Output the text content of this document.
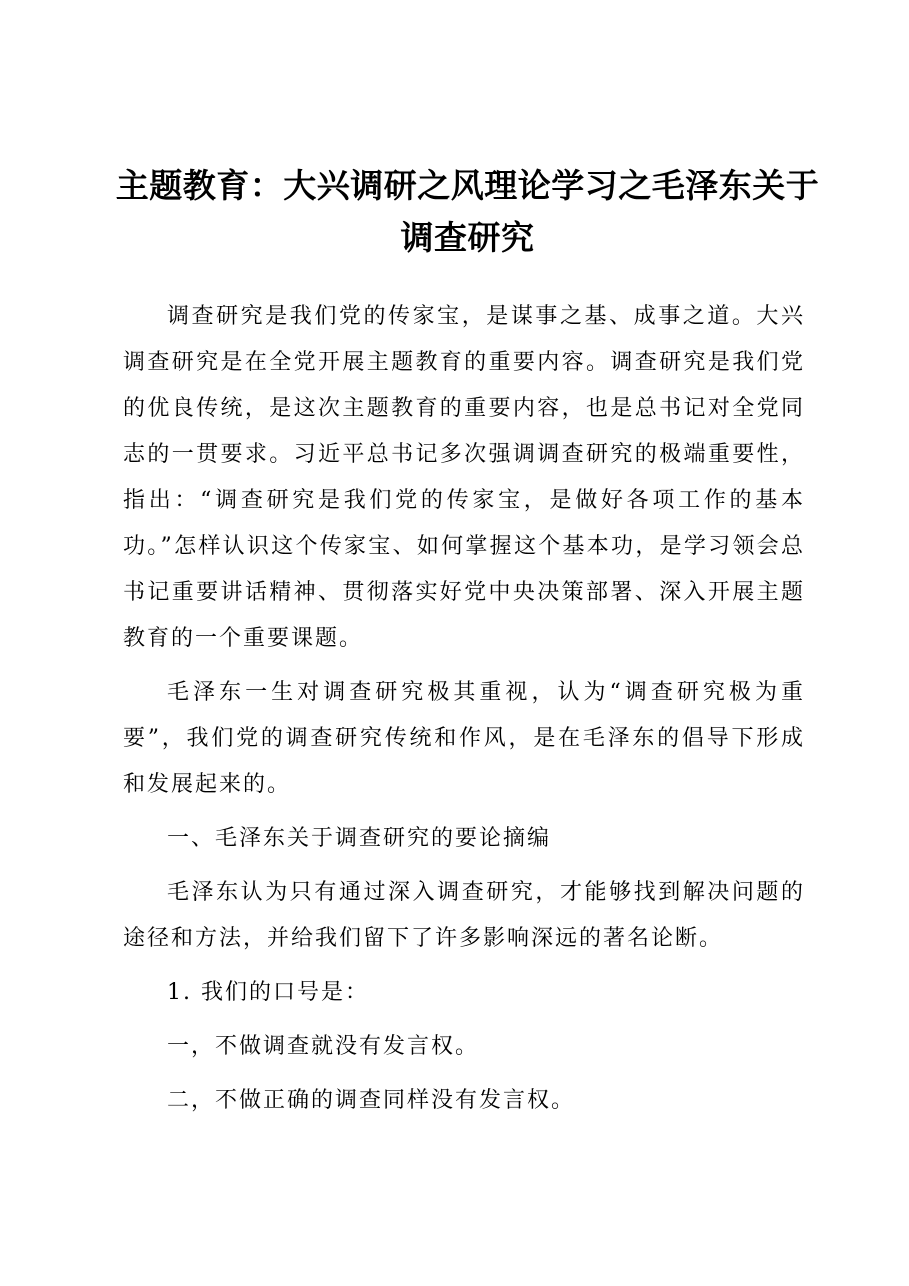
主题教育：大兴调研之风理论学习之毛泽东关于调查研究

调查研究是我们党的传家宝，是谋事之基、成事之道。大兴调查研究是在全党开展主题教育的重要内容。调查研究是我们党的优良传统，是这次主题教育的重要内容，也是总书记对全党同志的一贯要求。习近平总书记多次强调调查研究的极端重要性，指出：“调查研究是我们党的传家宝，是做好各项工作的基本功。”怎样认识这个传家宝、如何掌握这个基本功，是学习领会总书记重要讲话精神、贯彻落实好党中央决策部署、深入开展主题教育的一个重要课题。

毛泽东一生对调查研究极其重视，认为“调查研究极为重要”，我们党的调查研究传统和作风，是在毛泽东的倡导下形成和发展起来的。

一、毛泽东关于调查研究的要论摘编

毛泽东认为只有通过深入调查研究，才能够找到解决问题的途径和方法，并给我们留下了许多影响深远的著名论断。

1. 我们的口号是：

一，不做调查就没有发言权。

二，不做正确的调查同样没有发言权。
